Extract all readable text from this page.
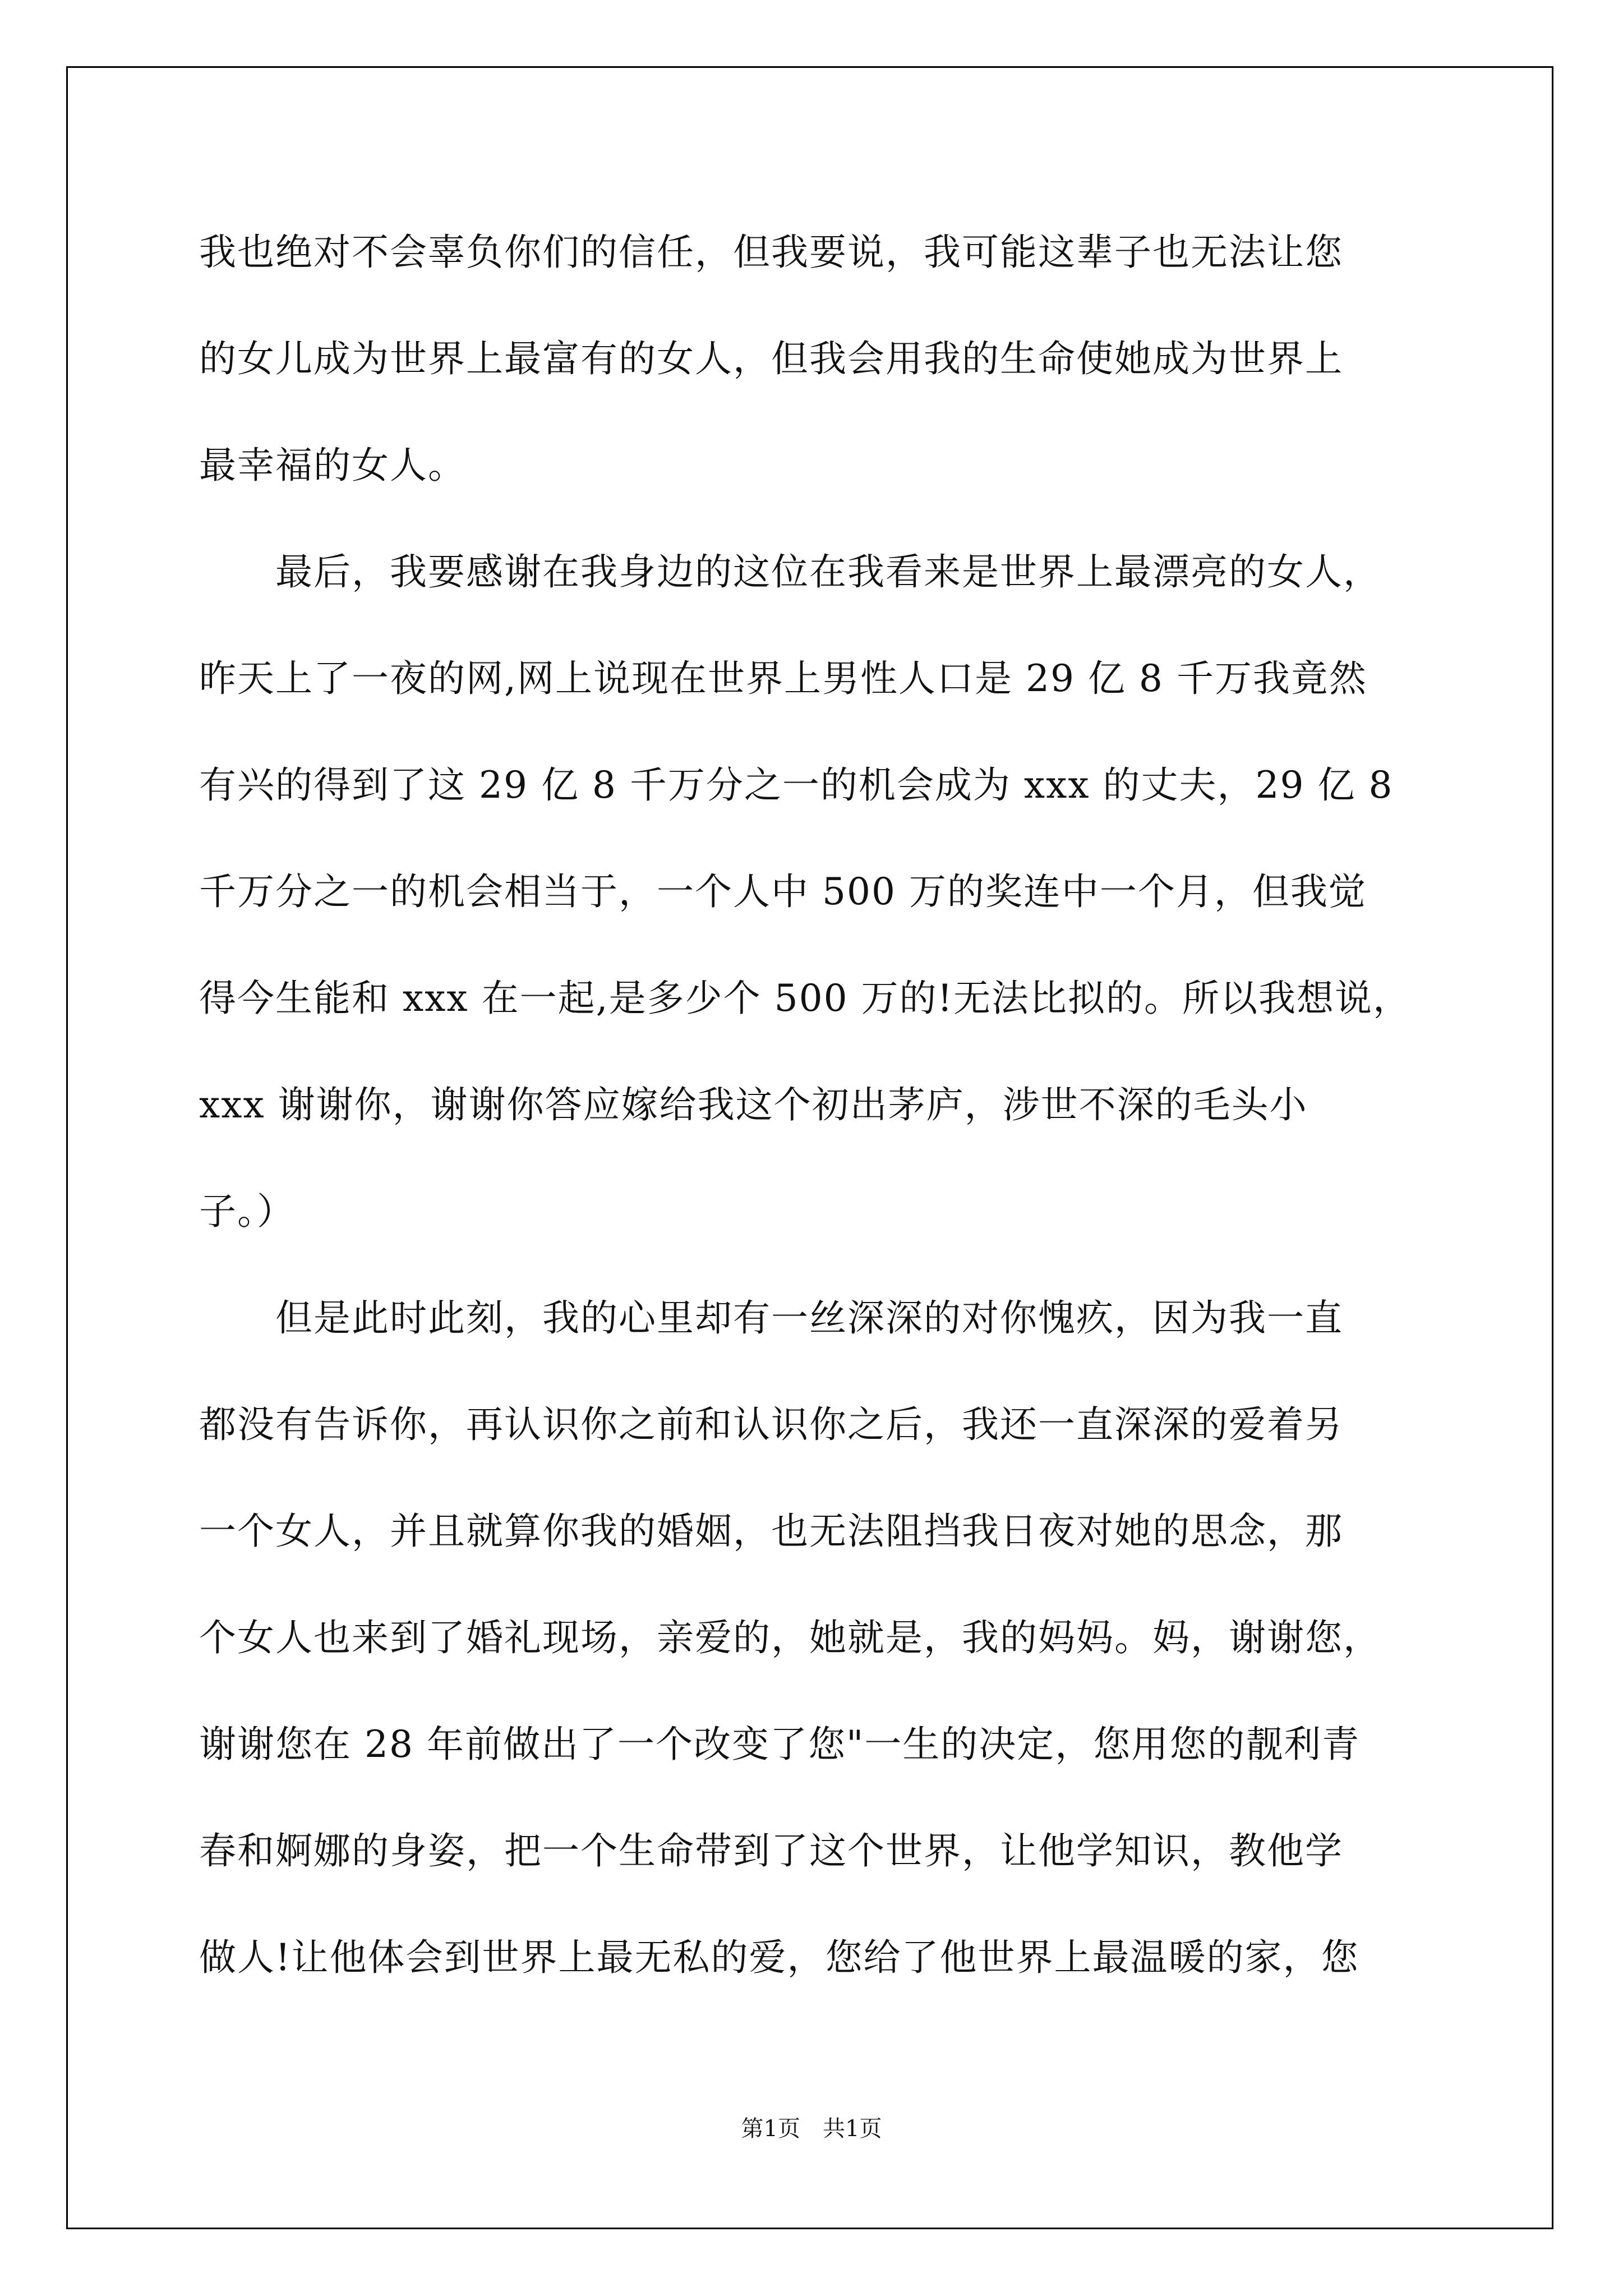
我也绝对不会辜负你们的信任，但我要说，我可能这辈子也无法让您
的女儿成为世界上最富有的女人，但我会用我的生命使她成为世界上
最幸福的女人。
　　最后，我要感谢在我身边的这位在我看来是世界上最漂亮的女人，
昨天上了一夜的网,网上说现在世界上男性人口是 29 亿 8 千万我竟然
有兴的得到了这 29 亿 8 千万分之一的机会成为 xxx 的丈夫，29 亿 8
千万分之一的机会相当于，一个人中 500 万的奖连中一个月，但我觉
得今生能和 xxx 在一起,是多少个 500 万的!无法比拟的。所以我想说，
xxx 谢谢你，谢谢你答应嫁给我这个初出茅庐，涉世不深的毛头小
子。）
　　但是此时此刻，我的心里却有一丝深深的对你愧疚，因为我一直
都没有告诉你，再认识你之前和认识你之后，我还一直深深的爱着另
一个女人，并且就算你我的婚姻，也无法阻挡我日夜对她的思念，那
个女人也来到了婚礼现场，亲爱的，她就是，我的妈妈。妈，谢谢您，
谢谢您在 28 年前做出了一个改变了您"一生的决定，您用您的靓利青
春和婀娜的身姿，把一个生命带到了这个世界，让他学知识，教他学
做人!让他体会到世界上最无私的爱，您给了他世界上最温暖的家，您
第1页　共1页
